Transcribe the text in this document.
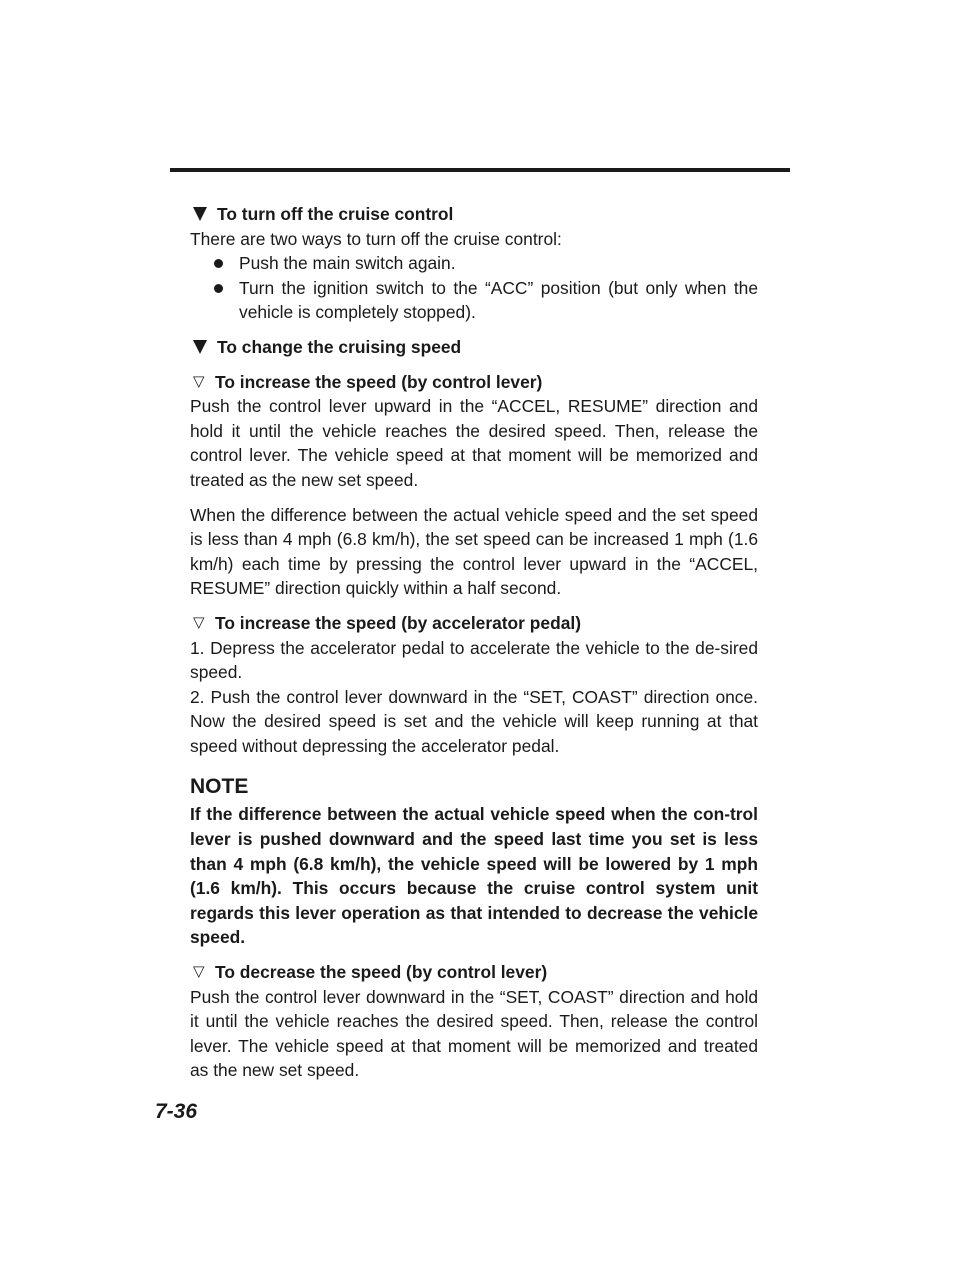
To turn off the cruise control

There are two ways to turn off the cruise control:

Push the main switch again.
Turn the ignition switch to the “ACC” position (but only when the vehicle is completely stopped).

To change the cruising speed

▽ To increase the speed (by control lever)

Push the control lever upward in the “ACCEL, RESUME” direction and hold it until the vehicle reaches the desired speed. Then, release the control lever. The vehicle speed at that moment will be memorized and treated as the new set speed.

When the difference between the actual vehicle speed and the set speed is less than 4 mph (6.8 km/h), the set speed can be increased 1 mph (1.6 km/h) each time by pressing the control lever upward in the “ACCEL, RESUME” direction quickly within a half second.

▽ To increase the speed (by accelerator pedal)

1. Depress the accelerator pedal to accelerate the vehicle to the de-sired speed.

2. Push the control lever downward in the “SET, COAST” direction once. Now the desired speed is set and the vehicle will keep running at that speed without depressing the accelerator pedal.

NOTE

If the difference between the actual vehicle speed when the con-trol lever is pushed downward and the speed last time you set is less than 4 mph (6.8 km/h), the vehicle speed will be lowered by 1 mph (1.6 km/h). This occurs because the cruise control system unit regards this lever operation as that intended to decrease the vehicle speed.

▽ To decrease the speed (by control lever)

Push the control lever downward in the “SET, COAST” direction and hold it until the vehicle reaches the desired speed. Then, release the control lever. The vehicle speed at that moment will be memorized and treated as the new set speed.

7-36
